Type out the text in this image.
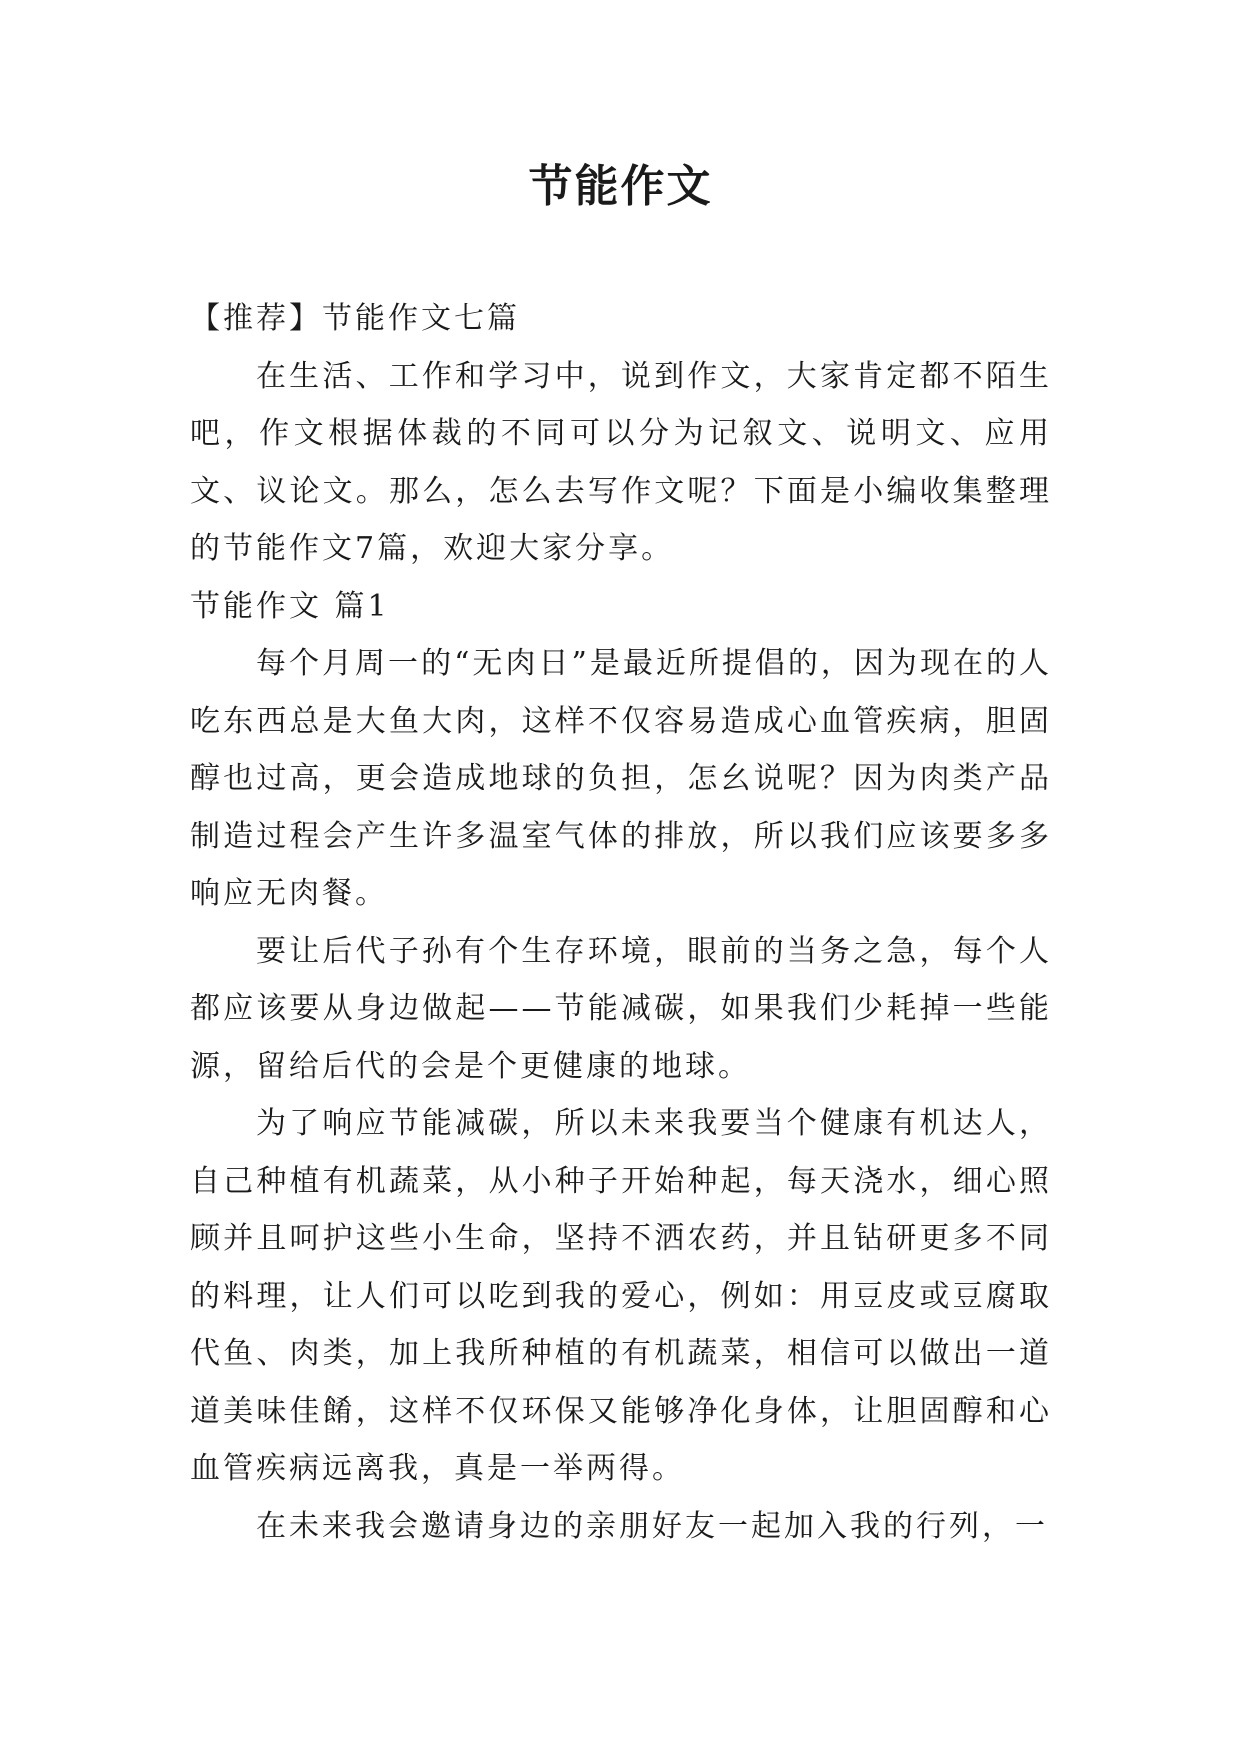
节能作文

【推荐】节能作文七篇

在生活、工作和学习中，说到作文，大家肯定都不陌生吧，作文根据体裁的不同可以分为记叙文、说明文、应用文、议论文。那么，怎么去写作文呢？下面是小编收集整理的节能作文7篇，欢迎大家分享。

节能作文 篇1

每个月周一的“无肉日”是最近所提倡的，因为现在的人吃东西总是大鱼大肉，这样不仅容易造成心血管疾病，胆固醇也过高，更会造成地球的负担，怎幺说呢？因为肉类产品制造过程会产生许多温室气体的排放，所以我们应该要多多响应无肉餐。

要让后代子孙有个生存环境，眼前的当务之急，每个人都应该要从身边做起——节能减碳，如果我们少耗掉一些能源，留给后代的会是个更健康的地球。

为了响应节能减碳，所以未来我要当个健康有机达人，自己种植有机蔬菜，从小种子开始种起，每天浇水，细心照顾并且呵护这些小生命，坚持不洒农药，并且钻研更多不同的料理，让人们可以吃到我的爱心，例如：用豆皮或豆腐取代鱼、肉类，加上我所种植的有机蔬菜，相信可以做出一道道美味佳餚，这样不仅环保又能够净化身体，让胆固醇和心血管疾病远离我，真是一举两得。

在未来我会邀请身边的亲朋好友一起加入我的行列，一
